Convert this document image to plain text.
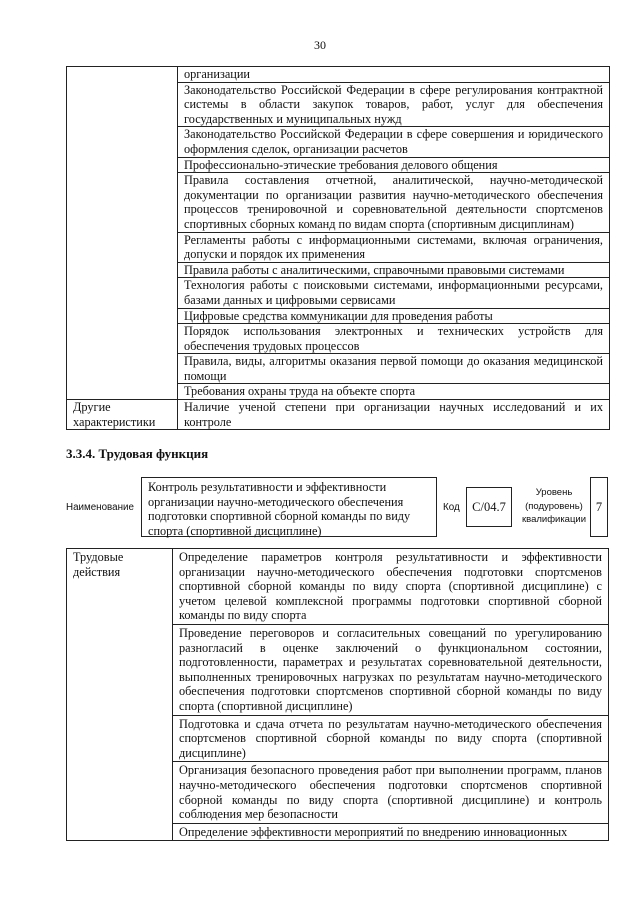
30
	организации
	Законодательство Российской Федерации в сфере регулирования контрактной системы в области закупок товаров, работ, услуг для обеспечения государственных и муниципальных нужд
	Законодательство Российской Федерации в сфере совершения и юридического оформления сделок, организации расчетов
	Профессионально-этические требования делового общения
	Правила составления отчетной, аналитической, научно-методической документации по организации развития научно-методического обеспечения процессов тренировочной и соревновательной деятельности спортсменов спортивных сборных команд по видам спорта (спортивным дисциплинам)
	Регламенты работы с информационными системами, включая ограничения, допуски и порядок их применения
	Правила работы с аналитическими, справочными правовыми системами
	Технология работы с поисковыми системами, информационными ресурсами, базами данных и цифровыми сервисами
	Цифровые средства коммуникации для проведения работы
	Порядок использования электронных и технических устройств для обеспечения трудовых процессов
	Правила, виды, алгоритмы оказания первой помощи до оказания медицинской помощи
	Требования охраны труда на объекте спорта
Другие характеристики	Наличие ученой степени при организации научных исследований и их контроле
3.3.4. Трудовая функция
Наименование
Контроль результативности и эффективности организации научно-методического обеспечения подготовки спортивной сборной команды по виду спорта (спортивной дисциплине)
Код C/04.7
Уровень (подуровень) квалификации
7
Трудовые действия	Определение параметров контроля результативности и эффективности организации научно-методического обеспечения подготовки спортсменов спортивной сборной команды по виду спорта (спортивной дисциплине) с учетом целевой комплексной программы подготовки спортивной сборной команды по виду спорта
Проведение переговоров и согласительных совещаний по урегулированию разногласий в оценке заключений о функциональном состоянии, подготовленности, параметрах и результатах соревновательной деятельности, выполненных тренировочных нагрузках по результатам научно-методического обеспечения подготовки спортсменов спортивной сборной команды по виду спорта (спортивной дисциплине)
Подготовка и сдача отчета по результатам научно-методического обеспечения спортсменов спортивной сборной команды по виду спорта (спортивной дисциплине)
Организация безопасного проведения работ при выполнении программ, планов научно-методического обеспечения подготовки спортсменов спортивной сборной команды по виду спорта (спортивной дисциплине) и контроль соблюдения мер безопасности

Определение эффективности мероприятий по внедрению инновационных
